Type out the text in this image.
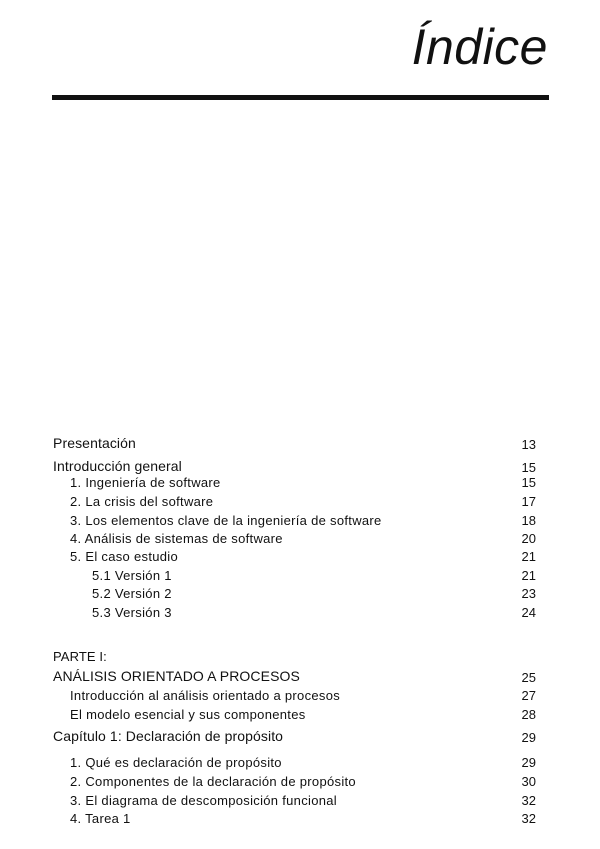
Índice
Presentación	13
Introducción general	15
1. Ingeniería de software	15
2. La crisis del software	17
3. Los elementos clave de la ingeniería de software	18
4. Análisis de sistemas de software	20
5. El caso estudio	21
5.1 Versión 1	21
5.2 Versión 2	23
5.3 Versión 3	24
PARTE I:
ANÁLISIS ORIENTADO A PROCESOS	25
Introducción al análisis orientado a procesos	27
El modelo esencial y sus componentes	28
Capítulo 1: Declaración de propósito	29
1. Qué es declaración de propósito	29
2. Componentes de la declaración de propósito	30
3. El diagrama de descomposición funcional	32
4. Tarea 1	32
